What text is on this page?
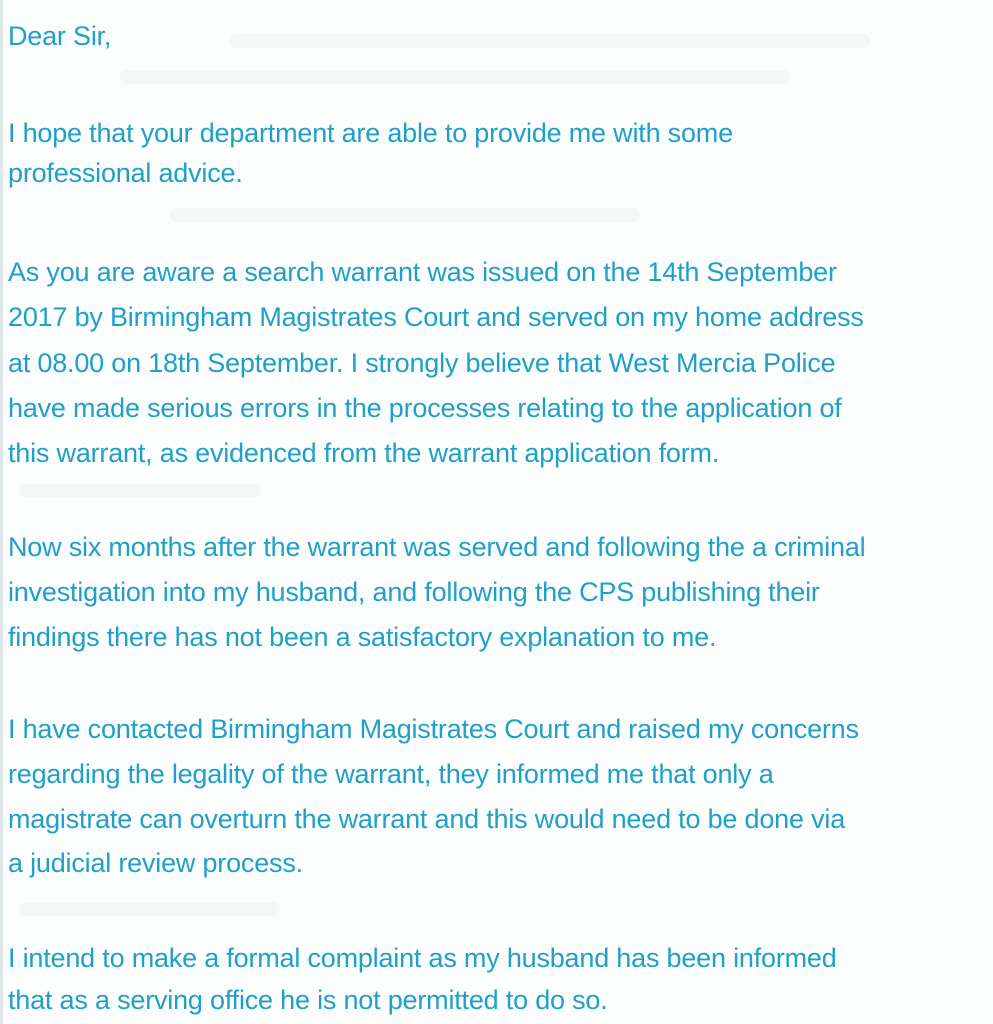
Dear Sir,
I hope that your department are able to provide me with some
professional advice.
As you are aware a search warrant was issued on the 14th September
2017 by Birmingham Magistrates Court and served on my home address
at 08.00 on 18th September. I strongly believe that West Mercia Police
have made serious errors in the processes relating to the application of
this warrant, as evidenced from the warrant application form.
Now six months after the warrant was served and following the a criminal
investigation into my husband, and following the CPS publishing their
findings there has not been a satisfactory explanation to me.
I have contacted Birmingham Magistrates Court and raised my concerns
regarding the legality of the warrant, they informed me that only a
magistrate can overturn the warrant and this would need to be done via
a judicial review process.
I intend to make a formal complaint as my husband has been informed
that as a serving office he is not permitted to do so.
